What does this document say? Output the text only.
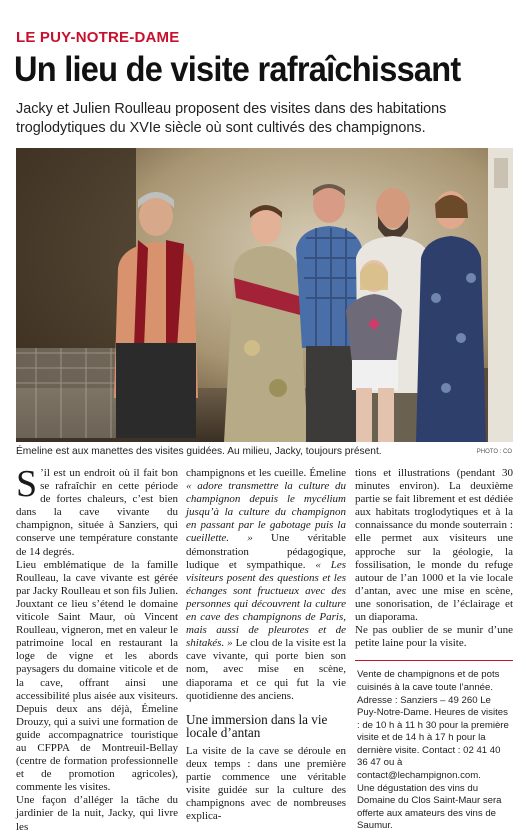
LE PUY-NOTRE-DAME
Un lieu de visite rafraîchissant
Jacky et Julien Roulleau proposent des visites dans des habitations troglodytiques du XVIe siècle où sont cultivés des champignons.
Émeline est aux manettes des visites guidées. Au milieu, Jacky, toujours présent.	PHOTO : CO

S ’il est un endroit où il fait bon se rafraîchir en cette période de fortes chaleurs, c’est bien dans la cave vivante du champignon, située à Sanziers, qui conserve une température constante de 14 degrés.

Lieu emblématique de la famille Roulleau, la cave vivante est gérée par Jacky Roulleau et son fils Julien. Jouxtant ce lieu s’étend le domaine viticole Saint Maur, où Vincent Roulleau, vigneron, met en valeur le patrimoine local en restaurant la loge de vigne et les abords paysagers du domaine viticole et de la cave, offrant ainsi une accessibilité plus aisée aux visiteurs. Depuis deux ans déjà, Émeline Drouzy, qui a suivi une formation de guide accompagnatrice touristique au CFPPA de Montreuil-Bellay (centre de formation professionnelle et de promotion agricoles), commente les visites.

Une façon d’alléger la tâche du jardinier de la nuit, Jacky, qui livre les

champignons et les cueille. Émeline « adore transmettre la culture du champignon depuis le mycélium jusqu’à la culture du champignon en passant par le gabotage puis la cueillette. » Une véritable démonstration pédagogique, ludique et sympathique. « Les visiteurs posent des questions et les échanges sont fructueux avec des personnes qui découvrent la culture en cave des champignons de Paris, mais aussi de pleurotes et de shitakés. » Le clou de la visite est la cave vivante, qui porte bien son nom, avec mise en scène, diaporama et ce qui fut la vie quotidienne des anciens.

Une immersion dans la vie locale d’antan

La visite de la cave se déroule en deux temps : dans une première partie commence une véritable visite guidée sur la culture des champignons avec de nombreuses explica-

tions et illustrations (pendant 30 minutes environ). La deuxième partie se fait librement et est dédiée aux habitats troglodytiques et à la connaissance du monde souterrain : elle permet aux visiteurs une approche sur la géologie, la fossilisation, le monde du refuge autour de l’an 1000 et la vie locale d’antan, avec une mise en scène, une sonorisation, de l’éclairage et un diaporama.

Ne pas oublier de se munir d’une petite laine pour la visite.

Vente de champignons et de pots cuisinés à la cave toute l’année. Adresse : Sanziers – 49 260 Le Puy-Notre-Dame. Heures de visites : de 10 h à 11 h 30 pour la première visite et de 14 h à 17 h pour la dernière visite. Contact : 02 41 40 36 47 ou à contact@lechampignon.com.
Une dégustation des vins du Domaine du Clos Saint-Maur sera offerte aux amateurs des vins de Saumur.
